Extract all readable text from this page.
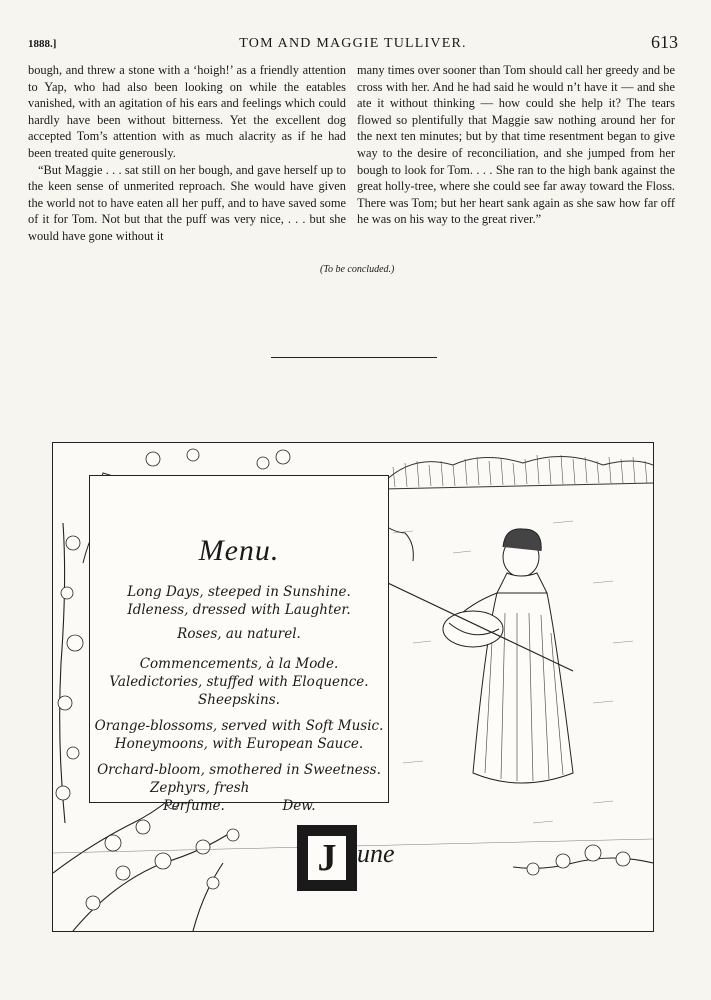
1888.]	TOM AND MAGGIE TULLIVER.	613

bough, and threw a stone with a ‘hoigh!’ as a friendly attention to Yap, who had also been looking on while the eatables vanished, with an agitation of his ears and feelings which could hardly have been without bitterness. Yet the excellent dog accepted Tom’s attention with as much alacrity as if he had been treated quite generously.

“But Maggie . . . sat still on her bough, and gave herself up to the keen sense of unmerited reproach. She would have given the world not to have eaten all her puff, and to have saved some of it for Tom. Not but that the puff was very nice, . . . but she would have gone without it

many times over sooner than Tom should call her greedy and be cross with her. And he had said he would n’t have it — and she ate it without thinking — how could she help it? The tears flowed so plentifully that Maggie saw nothing around her for the next ten minutes; but by that time resentment began to give way to the desire of reconciliation, and she jumped from her bough to look for Tom. . . . She ran to the high bank against the great holly-tree, where she could see far away toward the Floss. There was Tom; but her heart sank again as she saw how far off he was on his way to the great river.”

(To be concluded.)
Menu.
Long Days, steeped in Sunshine.
Idleness, dressed with Laughter.
Roses, au naturel.
Commencements, à la Mode.
Valedictories, stuffed with Eloquence.
Sheepskins.
Orange-blossoms, served with Soft Music.
Honeymoons, with European Sauce.
Orchard-bloom, smothered in Sweetness.
Zephyrs, fresh
Perfume.	Dew.
J une
